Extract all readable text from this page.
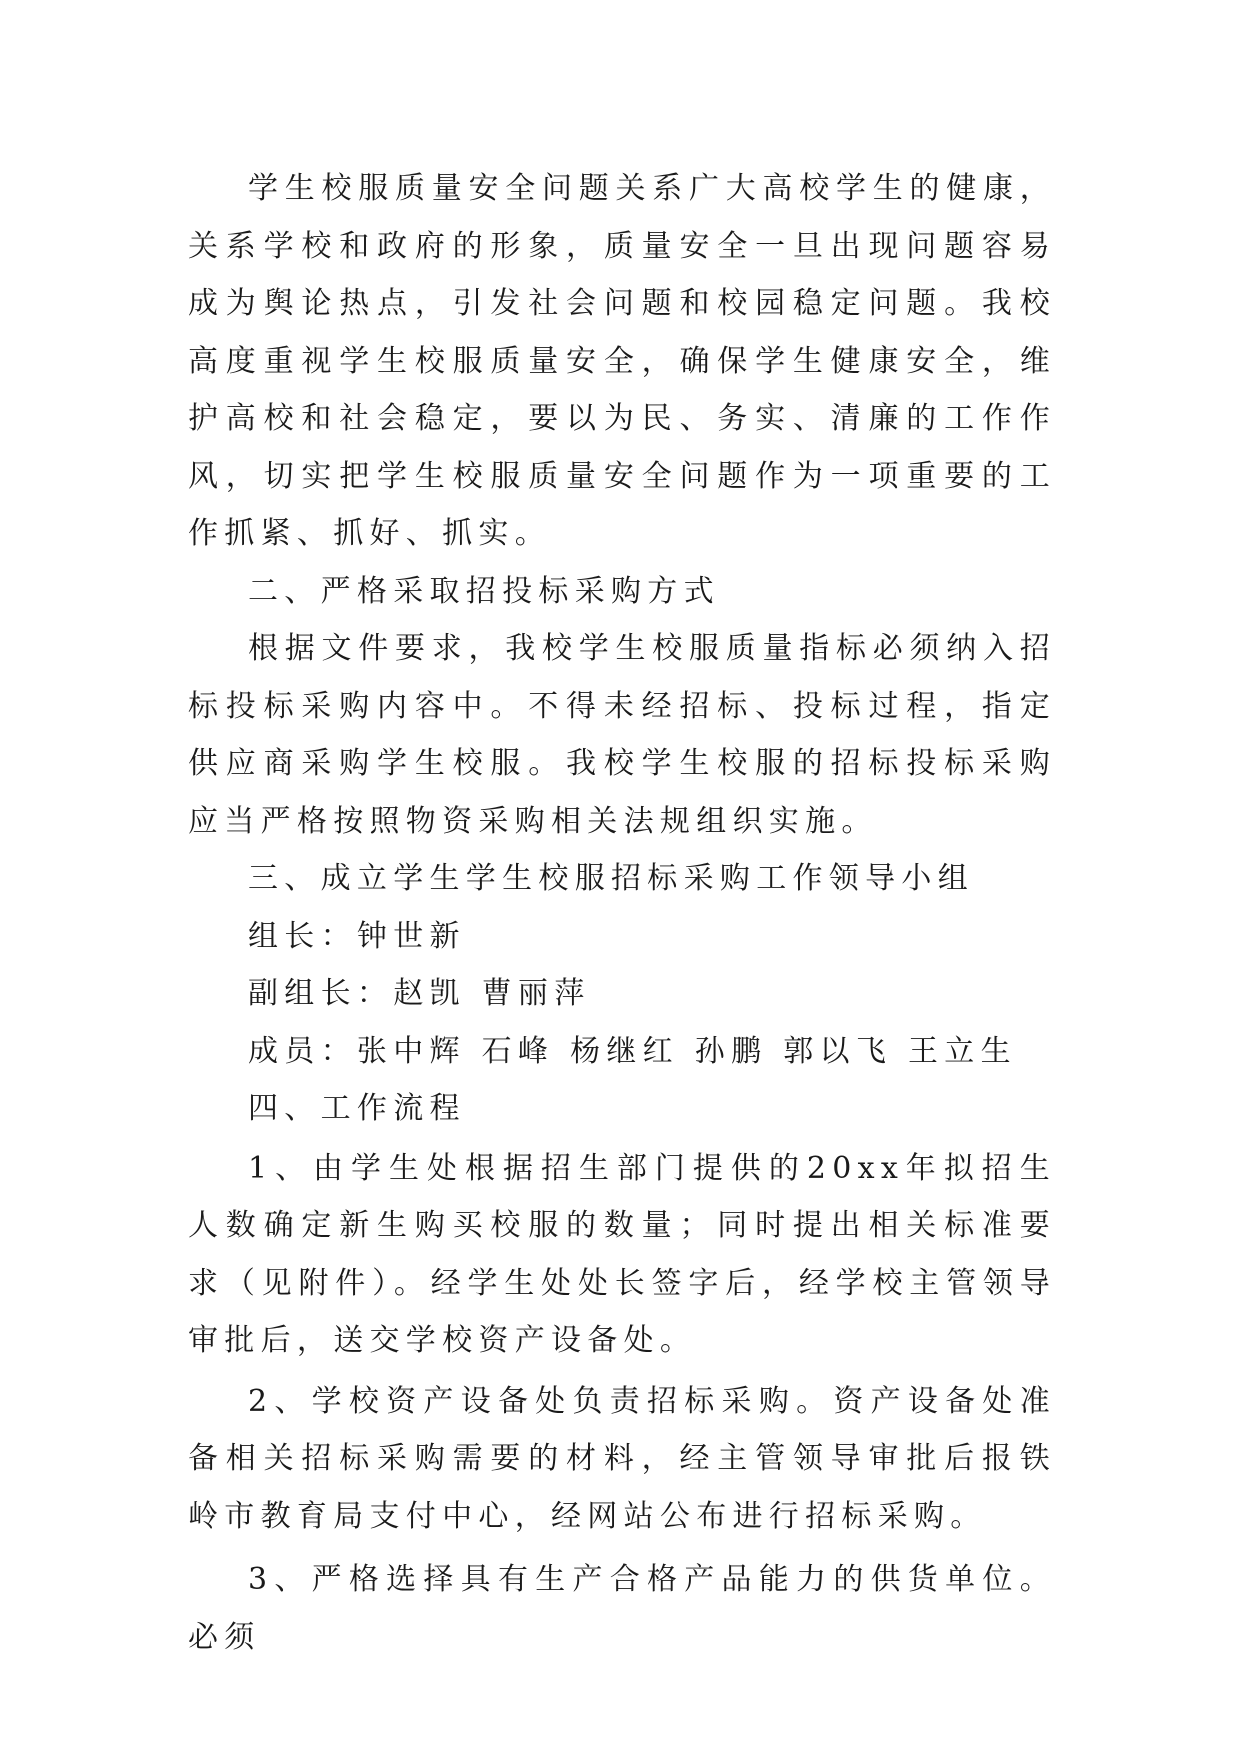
学生校服质量安全问题关系广大高校学生的健康，关系学校和政府的形象，质量安全一旦出现问题容易成为舆论热点，引发社会问题和校园稳定问题。我校高度重视学生校服质量安全，确保学生健康安全，维护高校和社会稳定，要以为民、务实、清廉的工作作风，切实把学生校服质量安全问题作为一项重要的工作抓紧、抓好、抓实。

二、严格采取招投标采购方式

根据文件要求，我校学生校服质量指标必须纳入招标投标采购内容中。不得未经招标、投标过程，指定供应商采购学生校服。我校学生校服的招标投标采购应当严格按照物资采购相关法规组织实施。

三、成立学生学生校服招标采购工作领导小组

组长：钟世新

副组长：赵凯 曹丽萍

成员：张中辉 石峰 杨继红 孙鹏 郭以飞 王立生

四、工作流程

1、由学生处根据招生部门提供的20xx年拟招生人数确定新生购买校服的数量；同时提出相关标准要求（见附件）。经学生处处长签字后，经学校主管领导审批后，送交学校资产设备处。

2、学校资产设备处负责招标采购。资产设备处准备相关招标采购需要的材料，经主管领导审批后报铁岭市教育局支付中心，经网站公布进行招标采购。

3、严格选择具有生产合格产品能力的供货单位。必须
